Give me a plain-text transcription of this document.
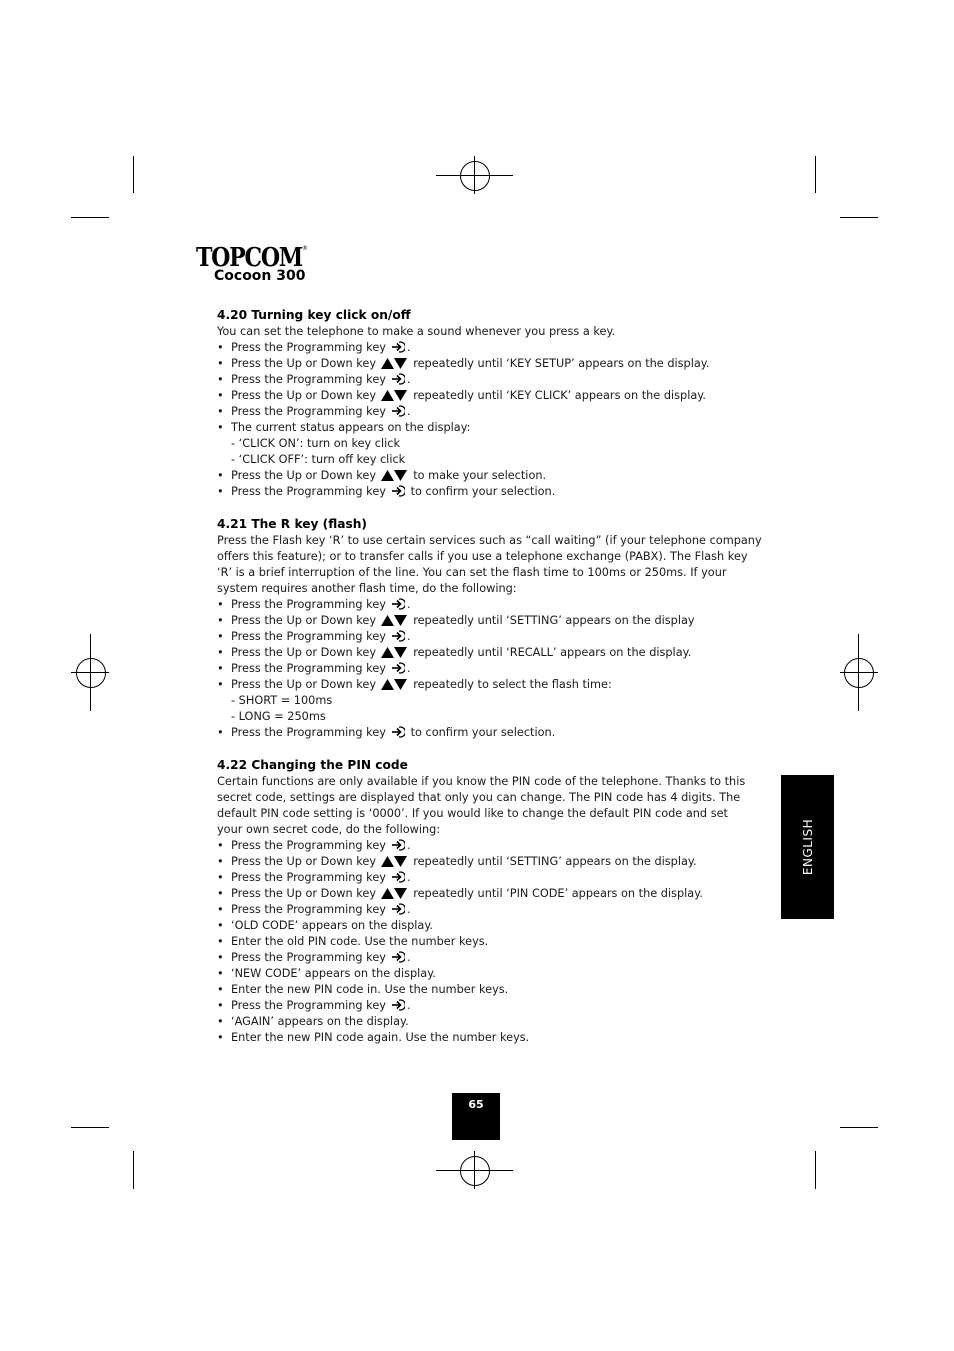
TOPCOM ®
Cocoon 300
4.20 Turning key click on/off
You can set the telephone to make a sound whenever you press a key.
• Press the Programming key .
• Press the Up or Down key	repeatedly until ‘KEY SETUP’ appears on the display.
• Press the Programming key .
• Press the Up or Down key	repeatedly until ‘KEY CLICK’ appears on the display.
• Press the Programming key .
• The current status appears on the display:
- ‘CLICK ON’: turn on key click
- ‘CLICK OFF’: turn off key click
• Press the Up or Down key	to make your selection.
• Press the Programming key to confirm your selection.
4.21 The R key (flash)
Press the Flash key ‘R’ to use certain services such as “call waiting” (if your telephone company
offers this feature); or to transfer calls if you use a telephone exchange (PABX). The Flash key
‘R’ is a brief interruption of the line. You can set the flash time to 100ms or 250ms. If your
system requires another flash time, do the following:
• Press the Programming key .
• Press the Up or Down key	repeatedly until ‘SETTING’ appears on the display
• Press the Programming key .
• Press the Up or Down key	repeatedly until ‘RECALL’ appears on the display.
• Press the Programming key .
• Press the Up or Down key	repeatedly to select the flash time:
- SHORT = 100ms
- LONG = 250ms
• Press the Programming key to confirm your selection.
4.22 Changing the PIN code
Certain functions are only available if you know the PIN code of the telephone. Thanks to this
secret code, settings are displayed that only you can change. The PIN code has 4 digits. The
default PIN code setting is ‘0000’. If you would like to change the default PIN code and set
your own secret code, do the following:
• Press the Programming key .
• Press the Up or Down key	repeatedly until ‘SETTING’ appears on the display.
• Press the Programming key .
• Press the Up or Down key	repeatedly until ‘PIN CODE’ appears on the display.
• Press the Programming key .
• ‘OLD CODE’ appears on the display.
• Enter the old PIN code. Use the number keys.
• Press the Programming key .
• ‘NEW CODE’ appears on the display.
• Enter the new PIN code in. Use the number keys.
• Press the Programming key .
• ‘AGAIN’ appears on the display.
• Enter the new PIN code again. Use the number keys.
ENGLISH
65
